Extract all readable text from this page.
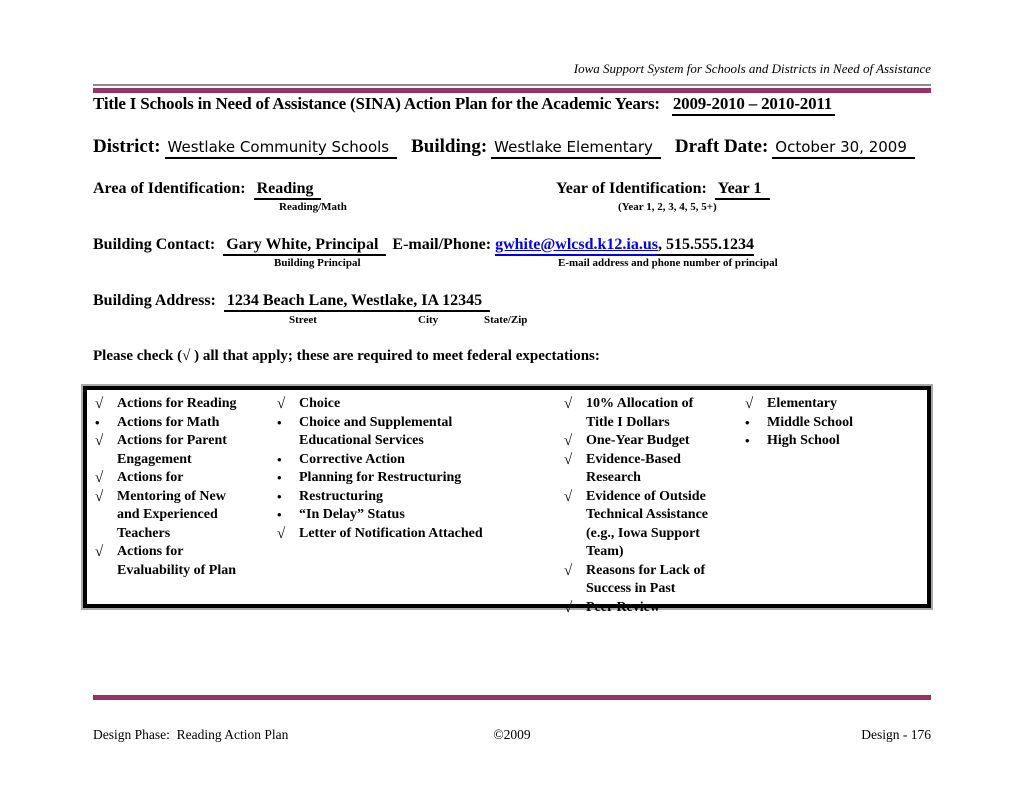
Iowa Support System for Schools and Districts in Need of Assistance
Title I Schools in Need of Assistance (SINA) Action Plan for the Academic Years: 2009-2010 – 2010-2011
District: Westlake Community Schools Building: Westlake Elementary Draft Date: October 30, 2009
Area of Identification: Reading
Reading/Math
Year of Identification: Year 1
(Year 1, 2, 3, 4, 5, 5+)
Building Contact: Gary White, Principal E-mail/Phone: gwhite@wlcsd.k12.ia.us, 515.555.1234
Building Principal	E-mail address and phone number of principal
Building Address: 1234 Beach Lane, Westlake, IA 12345
Street	City	State/Zip
Please check (√ ) all that apply; these are required to meet federal expectations:
√ Actions for Reading
•	Actions for Math
√ Actions for Parent
Engagement
√ Actions for
√ Mentoring of New
and Experienced
Teachers
√ Actions for
Evaluability of Plan
√ Choice
•	Choice and Supplemental
Educational Services
•	Corrective Action
•	Planning for Restructuring
•	Restructuring
•	“In Delay” Status
√ Letter of Notification Attached
√ 10% Allocation of
Title I Dollars
√ One-Year Budget
√ Evidence-Based
Research
√ Evidence of Outside
Technical Assistance
(e.g., Iowa Support
Team)
√ Reasons for Lack of
Success in Past
√ Peer Review
√ Elementary
•	Middle School
•	High School
Design Phase:  Reading Action Plan	©2009	Design - 176
